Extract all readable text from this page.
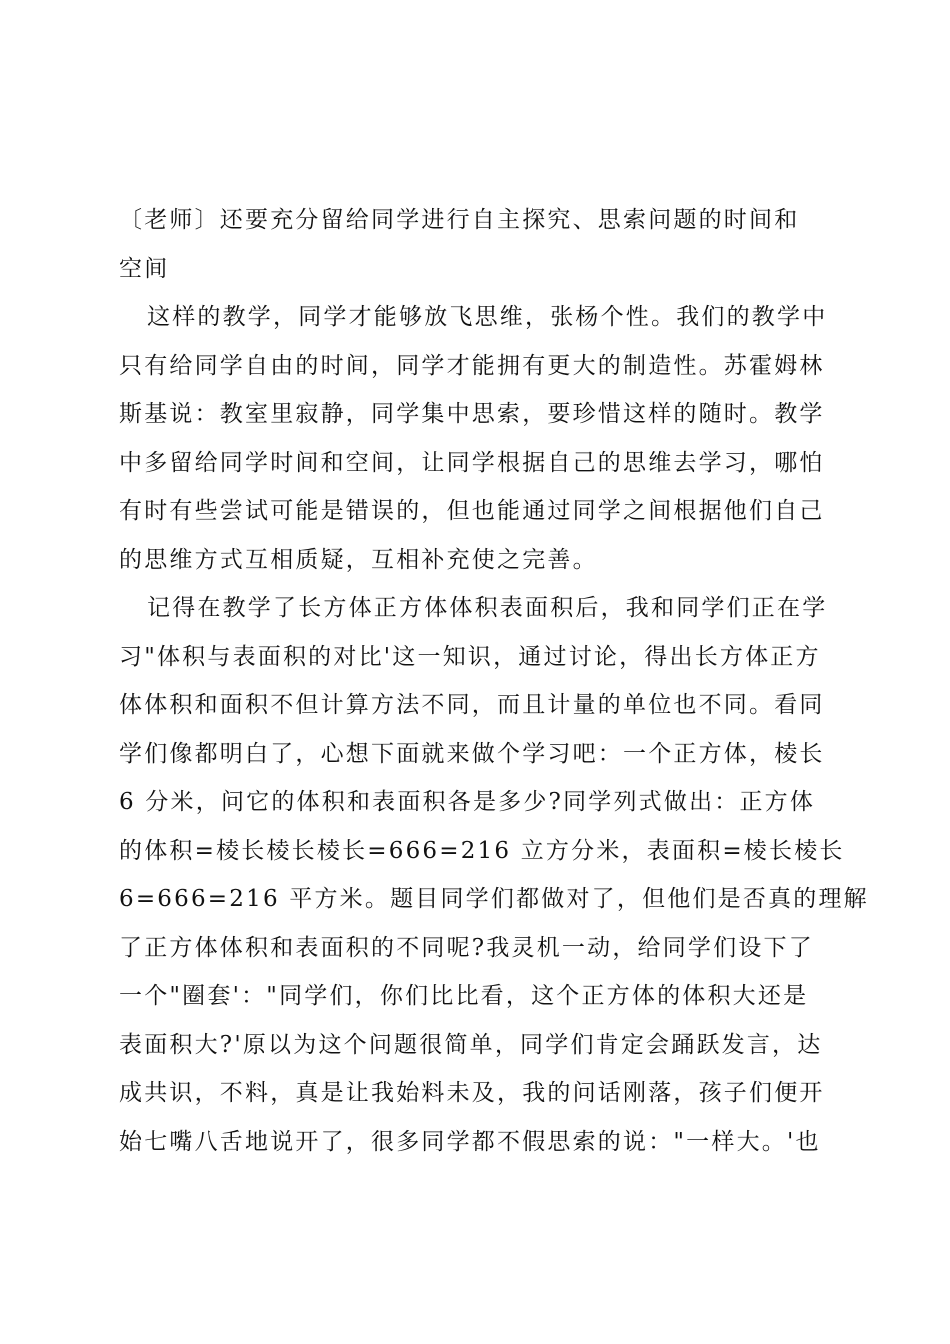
〔老师〕还要充分留给同学进行自主探究、思索问题的时间和
空间
这样的教学，同学才能够放飞思维，张杨个性。我们的教学中
只有给同学自由的时间，同学才能拥有更大的制造性。苏霍姆林
斯基说：教室里寂静，同学集中思索，要珍惜这样的随时。教学
中多留给同学时间和空间，让同学根据自己的思维去学习，哪怕
有时有些尝试可能是错误的，但也能通过同学之间根据他们自己
的思维方式互相质疑，互相补充使之完善。
记得在教学了长方体正方体体积表面积后，我和同学们正在学
习"体积与表面积的对比'这一知识，通过讨论，得出长方体正方
体体积和面积不但计算方法不同，而且计量的单位也不同。看同
学们像都明白了，心想下面就来做个学习吧：一个正方体，棱长
6 分米，问它的体积和表面积各是多少?同学列式做出：正方体
的体积=棱长棱长棱长=666=216 立方分米，表面积=棱长棱长
6=666=216 平方米。题目同学们都做对了，但他们是否真的理解
了正方体体积和表面积的不同呢?我灵机一动，给同学们设下了
一个"圈套'："同学们，你们比比看，这个正方体的体积大还是
表面积大?'原以为这个问题很简单，同学们肯定会踊跃发言，达
成共识，不料，真是让我始料未及，我的问话刚落，孩子们便开
始七嘴八舌地说开了，很多同学都不假思索的说："一样大。'也
